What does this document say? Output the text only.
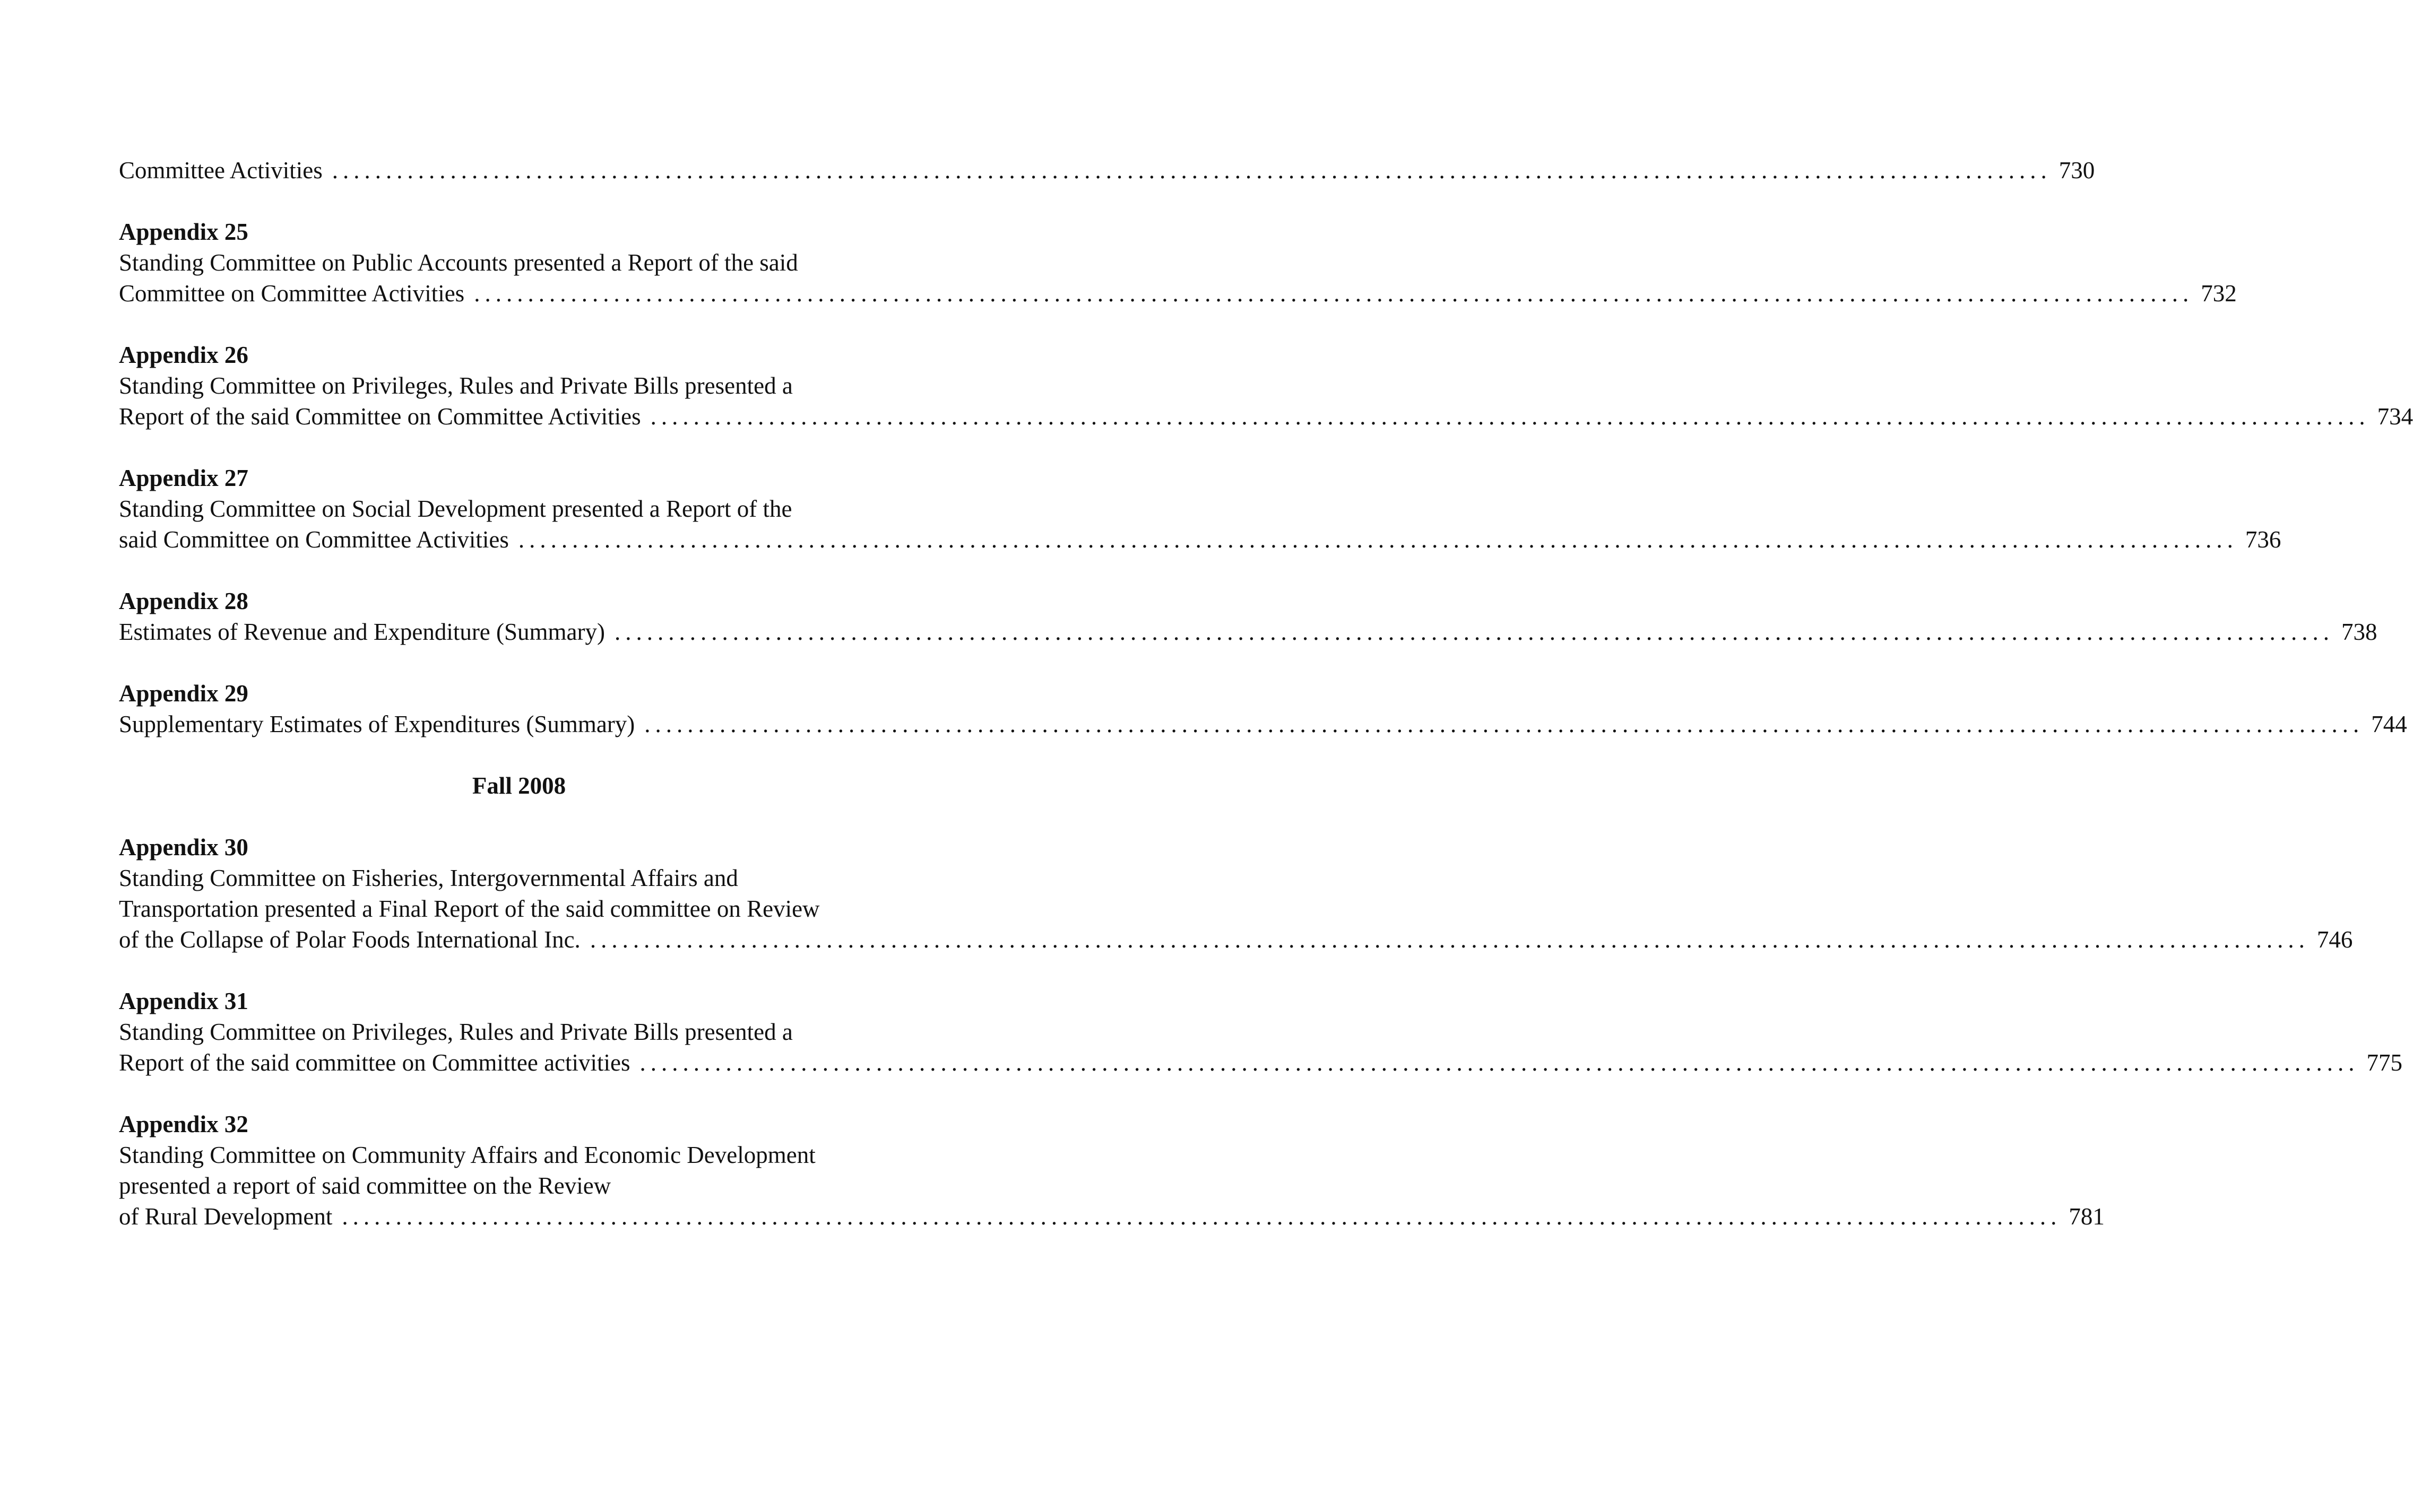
Committee Activities ................................................................................................................................................................ 730
Appendix 25
Standing Committee on Public Accounts presented a Report of the said
Committee on Committee Activities ................................................................................................................................................................ 732
Appendix 26
Standing Committee on Privileges, Rules and Private Bills presented a
Report of the said Committee on Committee Activities ................................................................................................................................................................ 734
Appendix 27
Standing Committee on Social Development presented a Report of the
said Committee on Committee Activities ................................................................................................................................................................ 736
Appendix 28
Estimates of Revenue and Expenditure (Summary) ................................................................................................................................................................ 738
Appendix 29
Supplementary Estimates of Expenditures (Summary) ................................................................................................................................................................ 744
Fall 2008
Appendix 30
Standing Committee on Fisheries, Intergovernmental Affairs and
Transportation presented a Final Report of the said committee on Review
of the Collapse of Polar Foods International Inc. ................................................................................................................................................................ 746
Appendix 31
Standing Committee on Privileges, Rules and Private Bills presented a
Report of the said committee on Committee activities ................................................................................................................................................................ 775
Appendix 32
Standing Committee on Community Affairs and Economic Development
presented a report of said committee on the Review
of Rural Development ................................................................................................................................................................ 781
